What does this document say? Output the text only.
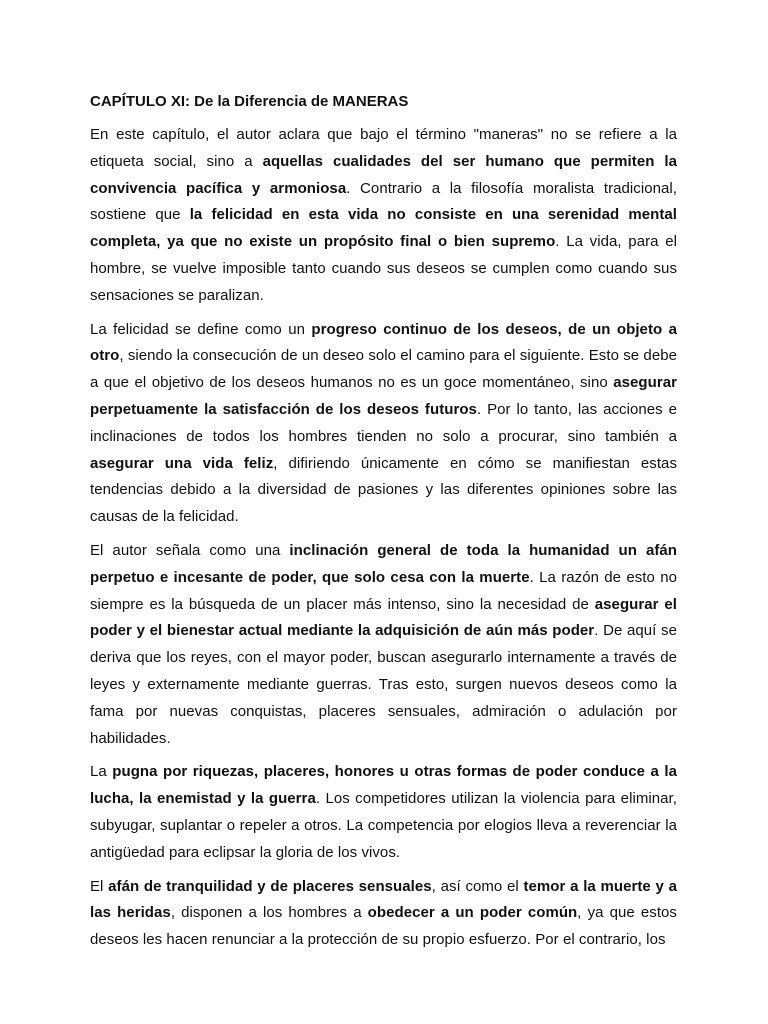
CAPÍTULO XI: De la Diferencia de MANERAS

En este capítulo, el autor aclara que bajo el término "maneras" no se refiere a la etiqueta social, sino a aquellas cualidades del ser humano que permiten la convivencia pacífica y armoniosa. Contrario a la filosofía moralista tradicional, sostiene que la felicidad en esta vida no consiste en una serenidad mental completa, ya que no existe un propósito final o bien supremo. La vida, para el hombre, se vuelve imposible tanto cuando sus deseos se cumplen como cuando sus sensaciones se paralizan.

La felicidad se define como un progreso continuo de los deseos, de un objeto a otro, siendo la consecución de un deseo solo el camino para el siguiente. Esto se debe a que el objetivo de los deseos humanos no es un goce momentáneo, sino asegurar perpetuamente la satisfacción de los deseos futuros. Por lo tanto, las acciones e inclinaciones de todos los hombres tienden no solo a procurar, sino también a asegurar una vida feliz, difiriendo únicamente en cómo se manifiestan estas tendencias debido a la diversidad de pasiones y las diferentes opiniones sobre las causas de la felicidad.

El autor señala como una inclinación general de toda la humanidad un afán perpetuo e incesante de poder, que solo cesa con la muerte. La razón de esto no siempre es la búsqueda de un placer más intenso, sino la necesidad de asegurar el poder y el bienestar actual mediante la adquisición de aún más poder. De aquí se deriva que los reyes, con el mayor poder, buscan asegurarlo internamente a través de leyes y externamente mediante guerras. Tras esto, surgen nuevos deseos como la fama por nuevas conquistas, placeres sensuales, admiración o adulación por habilidades.

La pugna por riquezas, placeres, honores u otras formas de poder conduce a la lucha, la enemistad y la guerra. Los competidores utilizan la violencia para eliminar, subyugar, suplantar o repeler a otros. La competencia por elogios lleva a reverenciar la antigüedad para eclipsar la gloria de los vivos.

El afán de tranquilidad y de placeres sensuales, así como el temor a la muerte y a las heridas, disponen a los hombres a obedecer a un poder común, ya que estos deseos les hacen renunciar a la protección de su propio esfuerzo. Por el contrario, los
